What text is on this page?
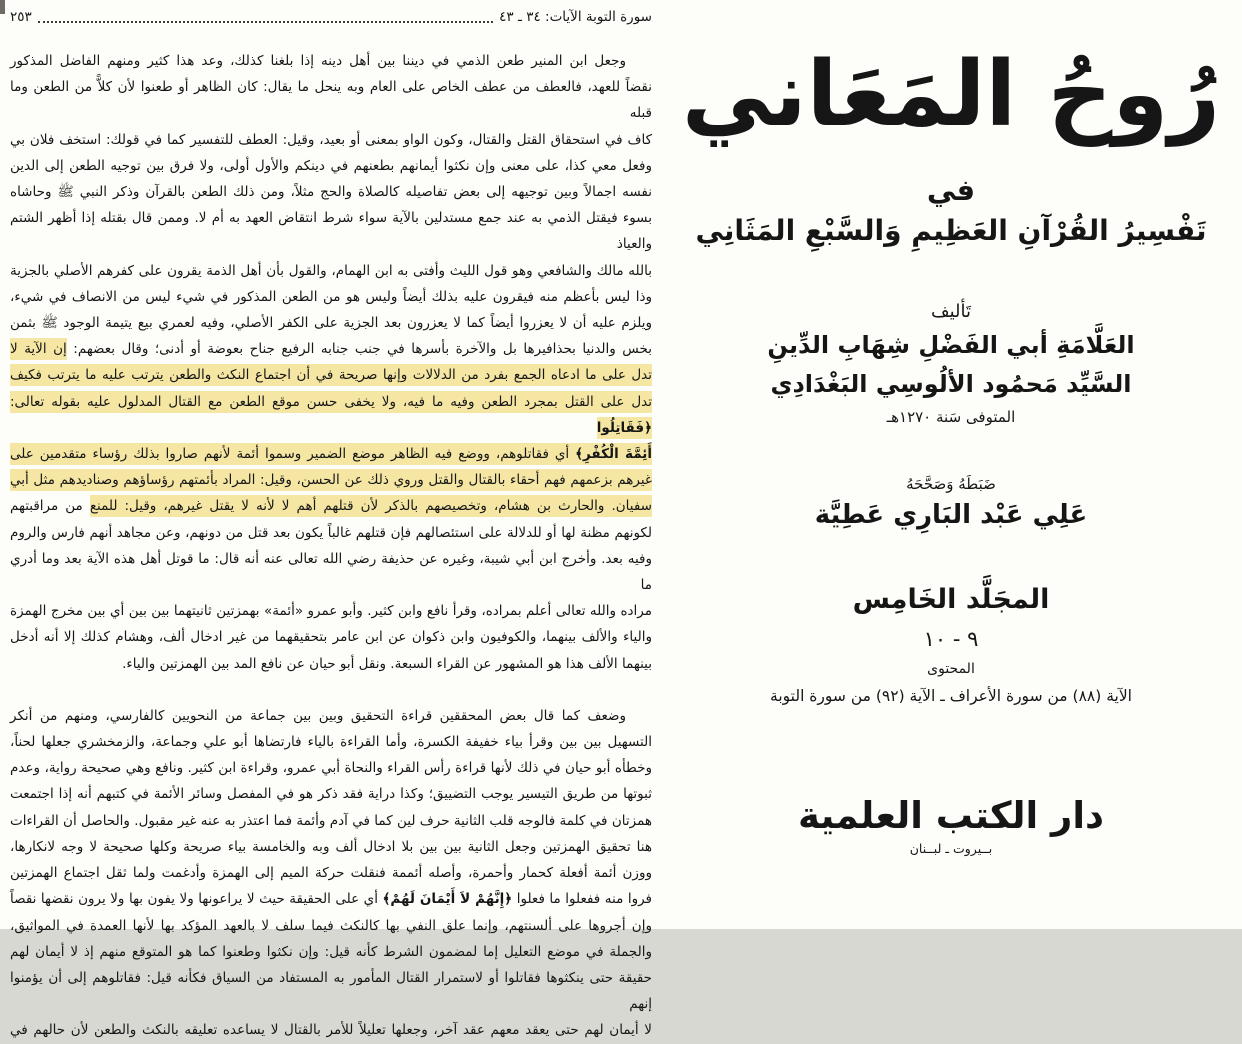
سورة التوبة الآيات: ٣٤ ـ ٤٣
٢٥٣
وجعل ابن المنير طعن الذمي في ديننا بين أهل دينه إذا بلغنا كذلك، وعد هذا كثير ومنهم الفاضل المذكور
نقضاً للعهد، فالعطف من عطف الخاص على العام وبه ينحل ما يقال: كان الظاهر أو طعنوا لأن كلاًّ من الطعن وما قبله
كاف في استحقاق القتل والقتال، وكون الواو بمعنى أو بعيد، وقيل: العطف للتفسير كما في قولك: استخف فلان بي
وفعل معي كذا، على معنى وإن نكثوا أيمانهم بطعنهم في دينكم والأول أولى، ولا فرق بين توجيه الطعن إلى الدين
نفسه اجمالاً وبين توجيهه إلى بعض تفاصيله كالصلاة والحج مثلاً، ومن ذلك الطعن بالقرآن وذكر النبي ﷺ وحاشاه
بسوء فيقتل الذمي به عند جمع مستدلين بالآية سواء شرط انتقاض العهد به أم لا. وممن قال بقتله إذا أظهر الشتم والعياذ
بالله مالك والشافعي وهو قول الليث وأفتى به ابن الهمام، والقول بأن أهل الذمة يقرون على كفرهم الأصلي بالجزية
وذا ليس بأعظم منه فيقرون عليه بذلك أيضاً وليس هو من الطعن المذكور في شيء ليس من الانصاف في شيء،
ويلزم عليه أن لا يعزروا أيضاً كما لا يعزرون بعد الجزية على الكفر الأصلي، وفيه لعمري بيع يتيمة الوجود ﷺ بثمن
بخس والدنيا بحذافيرها بل والآخرة بأسرها في جنب جنابه الرفيع جناح بعوضة أو أدنى؛ وقال بعضهم: إن الآية لا
تدل على ما ادعاه الجمع بفرد من الدلالات وإنها صريحة في أن اجتماع النكث والطعن يترتب عليه ما يترتب فكيف
تدل على القتل بمجرد الطعن وفيه ما فيه، ولا يخفى حسن موقع الطعن مع القتال المدلول عليه بقوله تعالى: ﴿فَقَاتِلُوا
أَئِمَّةَ الْكُفْرِ﴾ أي فقاتلوهم، ووضع فيه الظاهر موضع الضمير وسموا أئمة لأنهم صاروا بذلك رؤساء متقدمين على
غيرهم بزعمهم فهم أحقاء بالقتال والقتل وروي ذلك عن الحسن، وقيل: المراد بأئمتهم رؤساؤهم وصناديدهم مثل أبي
سفيان. والحارث بن هشام، وتخصيصهم بالذكر لأن قتلهم أهم لا لأنه لا يقتل غيرهم، وقيل: للمنع من مراقبتهم
لكونهم مظنة لها أو للدلالة على استئصالهم فإن قتلهم غالباً يكون بعد قتل من دونهم، وعن مجاهد أنهم فارس والروم
وفيه بعد. وأخرج ابن أبي شيبة، وغيره عن حذيفة رضي الله تعالى عنه أنه قال: ما قوتل أهل هذه الآية بعد وما أدري ما
مراده والله تعالى أعلم بمراده، وقرأ نافع وابن كثير. وأبو عمرو «أئمة» بهمزتين ثانيتهما بين بين أي بين مخرج الهمزة
والياء والألف بينهما، والكوفيون وابن ذكوان عن ابن عامر بتحقيقهما من غير ادخال ألف، وهشام كذلك إلا أنه أدخل
بينهما الألف هذا هو المشهور عن القراء السبعة. ونقل أبو حيان عن نافع المد بين الهمزتين والياء.
وضعف كما قال بعض المحققين قراءة التحقيق وبين بين جماعة من النحويين كالفارسي، ومنهم من أنكر
التسهيل بين بين وقرأ بياء خفيفة الكسرة، وأما القراءة بالياء فارتضاها أبو علي وجماعة، والزمخشري جعلها لحناً،
وخطأه أبو حيان في ذلك لأنها قراءة رأس القراء والنحاة أبي عمرو، وقراءة ابن كثير. ونافع وهي صحيحة رواية، وعدم
ثبوتها من طريق التيسير يوجب التضييق؛ وكذا دراية فقد ذكر هو في المفصل وسائر الأئمة في كتبهم أنه إذا اجتمعت
همزتان في كلمة فالوجه قلب الثانية حرف لين كما في آدم وأئمة فما اعتذر به عنه غير مقبول. والحاصل أن القراءات
هنا تحقيق الهمزتين وجعل الثانية بين بين بلا ادخال ألف وبه والخامسة بياء صريحة وكلها صحيحة لا وجه لانكارها،
ووزن أئمة أفعلة كحمار وأحمرة، وأصله أئممة فنقلت حركة الميم إلى الهمزة وأدغمت ولما ثقل اجتماع الهمزتين
فروا منه ففعلوا ما فعلوا ﴿إِنَّهُمْ لاَ أَيْمَانَ لَهُمْ﴾ أي على الحقيقة حيث لا يراعونها ولا يفون بها ولا يرون نقضها نقصاً
وإن أجروها على ألسنتهم، وإنما علق النفي بها كالنكث فيما سلف لا بالعهد المؤكد بها لأنها العمدة في المواثيق،
والجملة في موضع التعليل إما لمضمون الشرط كأنه قيل: وإن نكثوا وطعنوا كما هو المتوقع منهم إذ لا أيمان لهم
حقيقة حتى ينكثوها فقاتلوا أو لاستمرار القتال المأمور به المستفاد من السياق فكأنه قيل: فقاتلوهم إلى أن يؤمنوا إنهم
لا أيمان لهم حتى يعقد معهم عقد آخر، وجعلها تعليلاً للأمر بالقتال لا يساعده تعليقه بالنكث والطعن لأن حالهم في
رُوحُ المَعَاني
في
تَفْسِيرُ القُرْآنِ العَظِيمِ وَالسَّبْعِ المَثَانِي
تَأليف
العَلَّامَةِ أبي الفَضْلِ شِهَابِ الدِّينِ
السَّيِّد مَحمُود الألُوسِي البَغْدَادِي
المتوفى سَنة ١٢٧٠هـ
ضَبَطَهُ وَصَحَّحَهُ
عَلِي عَبْد البَارِي عَطِيَّة
المجَلَّد الخَامِس
٩ - ١٠
المحتوى
الآية (٨٨) من سورة الأعراف ـ الآية (٩٢) من سورة التوبة
دار الكتب العلمية
بــيروت ـ لبــنان
